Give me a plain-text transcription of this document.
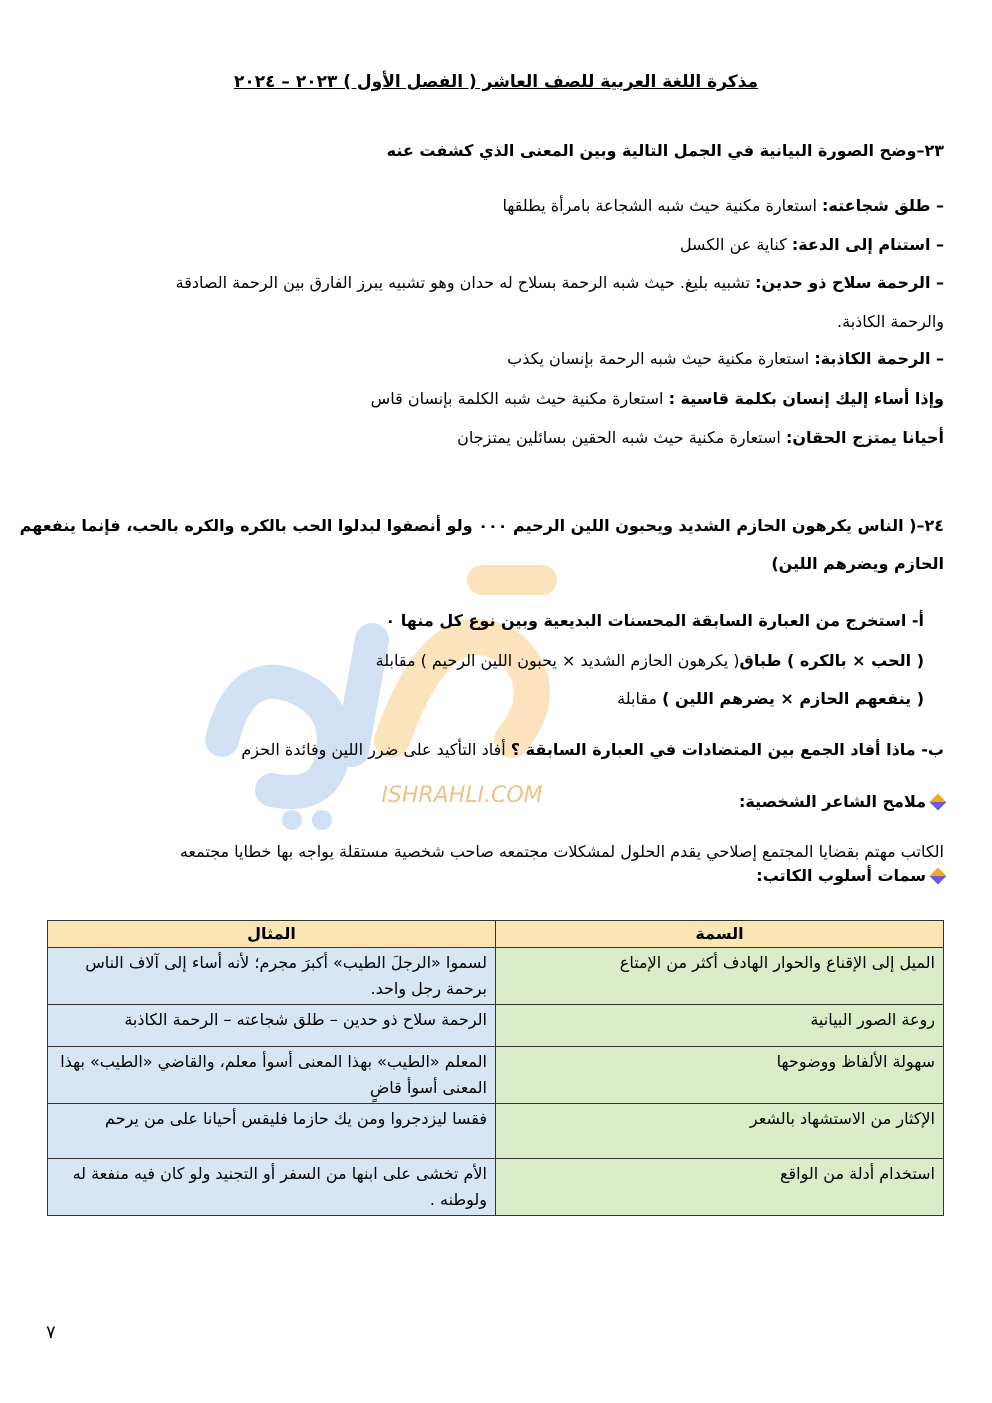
مذكرة اللغة العربية للصف العاشر ( الفصل الأول ) ٢٠٢٣ – ٢٠٢٤
٢٣–وضح الصورة البيانية في الجمل التالية وبين المعنى الذي كشفت عنه
– طلق شجاعته: استعارة مكنية حيث شبه الشجاعة بامرأة يطلقها
– استنام إلى الدعة: كناية عن الكسل
– الرحمة سلاح ذو حدين: تشبيه بليغ. حيث شبه الرحمة بسلاح له حدان وهو تشبيه يبرز الفارق بين الرحمة الصادقة
والرحمة الكاذبة.
– الرحمة الكاذبة: استعارة مكنية حيث شبه الرحمة بإنسان يكذب
وإذا أساء إليك إنسان بكلمة قاسية : استعارة مكنية حيث شبه الكلمة بإنسان قاس
أحيانا يمتزج الحقان: استعارة مكنية حيث شبه الحقين بسائلين يمتزجان
ISHRAHLI.COM
٢٤–( الناس يكرهون الحازم الشديد ويحبون اللين الرحيم ٠٠٠ ولو أنصفوا لبدلوا الحب بالكره والكره بالحب، فإنما ينفعهم
الحازم ويضرهم اللين)
أ- استخرج من العبارة السابقة المحسنات البديعية وبين نوع كل منها ٠
( الحب × بالكره ) طباق( يكرهون الحازم الشديد × يحبون اللين الرحيم ) مقابلة
( ينفعهم الحازم × يضرهم اللين ) مقابلة
ب- ماذا أفاد الجمع بين المتضادات في العبارة السابقة ؟ أفاد التأكيد على ضرر اللين وفائدة الحزم
ملامح الشاعر الشخصية:
الكاتب مهتم بقضايا المجتمع إصلاحي يقدم الحلول لمشكلات مجتمعه صاحب شخصية مستقلة يواجه بها خطايا مجتمعه
سمات أسلوب الكاتب:
السمة	المثال
الميل إلى الإقناع والحوار الهادف أكثر من الإمتاع	لسموا «الرجلَ الطيب» أكبرَ مجرم؛ لأنه أساء إلى آلاف الناس برحمة رجل واحد.
روعة الصور البيانية	الرحمة سلاح ذو حدين – طلق شجاعته – الرحمة الكاذبة
سهولة الألفاظ ووضوحها	المعلم «الطيب» بهذا المعنى أسوأ معلم، والقاضي «الطيب» بهذا المعنى أسوأ قاضٍ
الإكثار من الاستشهاد بالشعر	فقسا ليزدجروا ومن يك حازما فليقس أحيانا على من يرحم
استخدام أدلة من الواقع	الأم تخشى على ابنها من السفر أو التجنيد ولو كان فيه منفعة له ولوطنه .
٧
